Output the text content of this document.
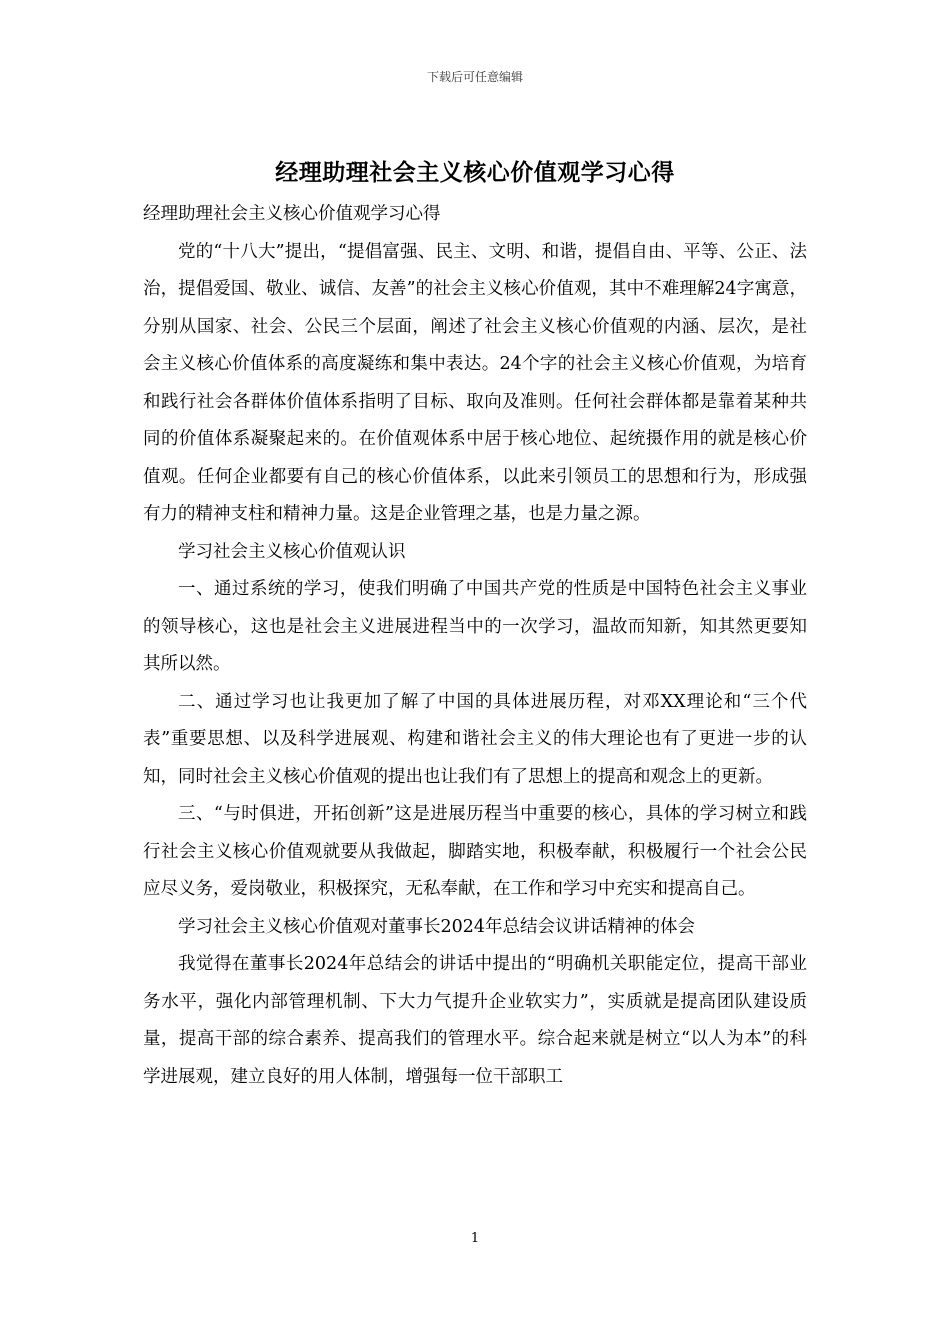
下载后可任意编辑
经理助理社会主义核心价值观学习心得

经理助理社会主义核心价值观学习心得

党的“十八大”提出，“提倡富强、民主、文明、和谐，提倡自由、平等、公正、法治，提倡爱国、敬业、诚信、友善”的社会主义核心价值观，其中不难理解24字寓意，分别从国家、社会、公民三个层面，阐述了社会主义核心价值观的内涵、层次，是社会主义核心价值体系的高度凝练和集中表达。24个字的社会主义核心价值观，为培育和践行社会各群体价值体系指明了目标、取向及准则。任何社会群体都是靠着某种共同的价值体系凝聚起来的。在价值观体系中居于核心地位、起统摄作用的就是核心价值观。任何企业都要有自己的核心价值体系，以此来引领员工的思想和行为，形成强有力的精神支柱和精神力量。这是企业管理之基，也是力量之源。

学习社会主义核心价值观认识

一、通过系统的学习，使我们明确了中国共产党的性质是中国特色社会主义事业的领导核心，这也是社会主义进展进程当中的一次学习，温故而知新，知其然更要知其所以然。

二、通过学习也让我更加了解了中国的具体进展历程，对邓XX理论和“三个代表”重要思想、以及科学进展观、构建和谐社会主义的伟大理论也有了更进一步的认知，同时社会主义核心价值观的提出也让我们有了思想上的提高和观念上的更新。

三、“与时俱进，开拓创新”这是进展历程当中重要的核心，具体的学习树立和践行社会主义核心价值观就要从我做起，脚踏实地，积极奉献，积极履行一个社会公民应尽义务，爱岗敬业，积极探究，无私奉献，在工作和学习中充实和提高自己。

学习社会主义核心价值观对董事长2024年总结会议讲话精神的体会

我觉得在董事长2024年总结会的讲话中提出的“明确机关职能定位，提高干部业务水平，强化内部管理机制、下大力气提升企业软实力”，实质就是提高团队建设质量，提高干部的综合素养、提高我们的管理水平。综合起来就是树立“以人为本”的科学进展观，建立良好的用人体制，增强每一位干部职工

1
